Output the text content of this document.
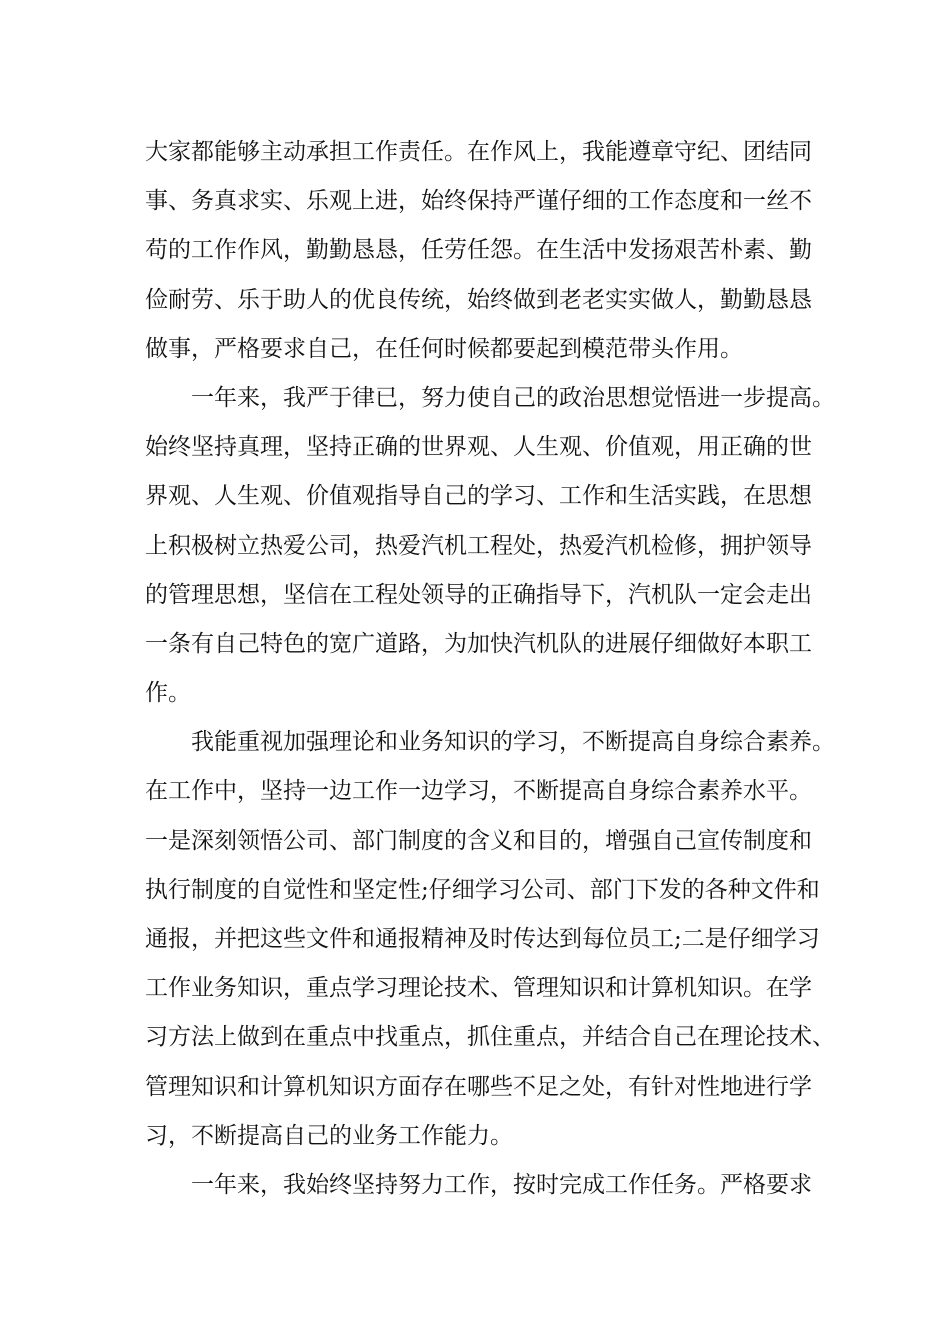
大家都能够主动承担工作责任。在作风上，我能遵章守纪、团结同
事、务真求实、乐观上进，始终保持严谨仔细的工作态度和一丝不
苟的工作作风，勤勤恳恳，任劳任怨。在生活中发扬艰苦朴素、勤
俭耐劳、乐于助人的优良传统，始终做到老老实实做人，勤勤恳恳
做事，严格要求自己，在任何时候都要起到模范带头作用。
一年来，我严于律已，努力使自己的政治思想觉悟进一步提高。
始终坚持真理，坚持正确的世界观、人生观、价值观，用正确的世
界观、人生观、价值观指导自己的学习、工作和生活实践，在思想
上积极树立热爱公司，热爱汽机工程处，热爱汽机检修，拥护领导
的管理思想，坚信在工程处领导的正确指导下，汽机队一定会走出
一条有自己特色的宽广道路，为加快汽机队的进展仔细做好本职工
作。
我能重视加强理论和业务知识的学习，不断提高自身综合素养。
在工作中，坚持一边工作一边学习，不断提高自身综合素养水平。
一是深刻领悟公司、部门制度的含义和目的，增强自己宣传制度和
执行制度的自觉性和坚定性;仔细学习公司、部门下发的各种文件和
通报，并把这些文件和通报精神及时传达到每位员工;二是仔细学习
工作业务知识，重点学习理论技术、管理知识和计算机知识。在学
习方法上做到在重点中找重点，抓住重点，并结合自己在理论技术、
管理知识和计算机知识方面存在哪些不足之处，有针对性地进行学
习，不断提高自己的业务工作能力。
一年来，我始终坚持努力工作，按时完成工作任务。严格要求
